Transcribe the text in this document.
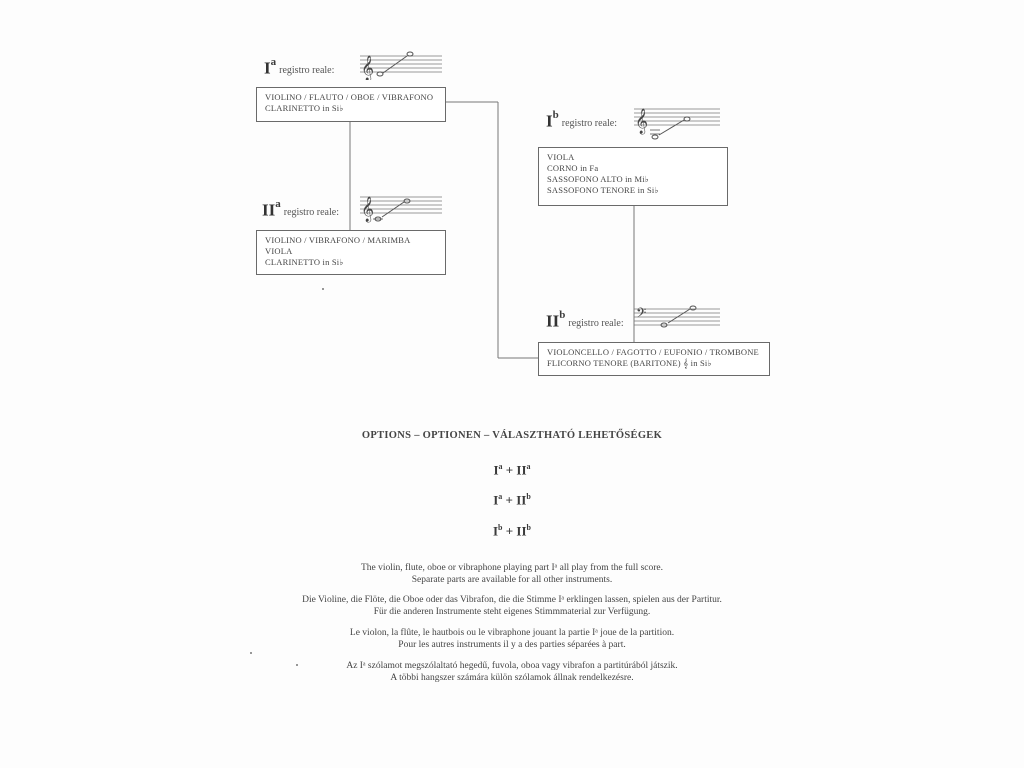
$I^aregistro$ reale: 𝄞
VIOLINO / FLAUTO / OBOE / VIBRAFONO
CLARINETTO in Si♭
$II^aregistro$ reale: 𝄞
VIOLINO / VIBRAFONO / MARIMBA
VIOLA
CLARINETTO in Si♭
$I^bregistro$ reale: 𝄞
VIOLA
CORNO in Fa
SASSOFONO ALTO in Mi♭
SASSOFONO TENORE in Si♭
$II^bregistro$ reale: 𝄢
VIOLONCELLO / FAGOTTO / EUFONIO / TROMBONE
FLICORNO TENORE (BARITONE) 𝄞 in Si♭
OPTIONS – OPTIONEN – VÁLASZTHATÓ LEHETŐSÉGEK
$I^a + II^a$
$I^a + II^b$
$I^b + II^b$
The violin, flute, oboe or vibraphone playing part Iᵃ all play from the full score.
Separate parts are available for all other instruments.
Die Violine, die Flöte, die Oboe oder das Vibrafon, die die Stimme Iᵃ erklingen lassen, spielen aus der Partitur.
Für die anderen Instrumente steht eigenes Stimmmaterial zur Verfügung.
Le violon, la flûte, le hautbois ou le vibraphone jouant la partie Iᵃ joue de la partition.
Pour les autres instruments il y a des parties séparées à part.
Az Iᵃ szólamot megszólaltató hegedű, fuvola, oboa vagy vibrafon a partitúrából játszik.
A többi hangszer számára külön szólamok állnak rendelkezésre.
